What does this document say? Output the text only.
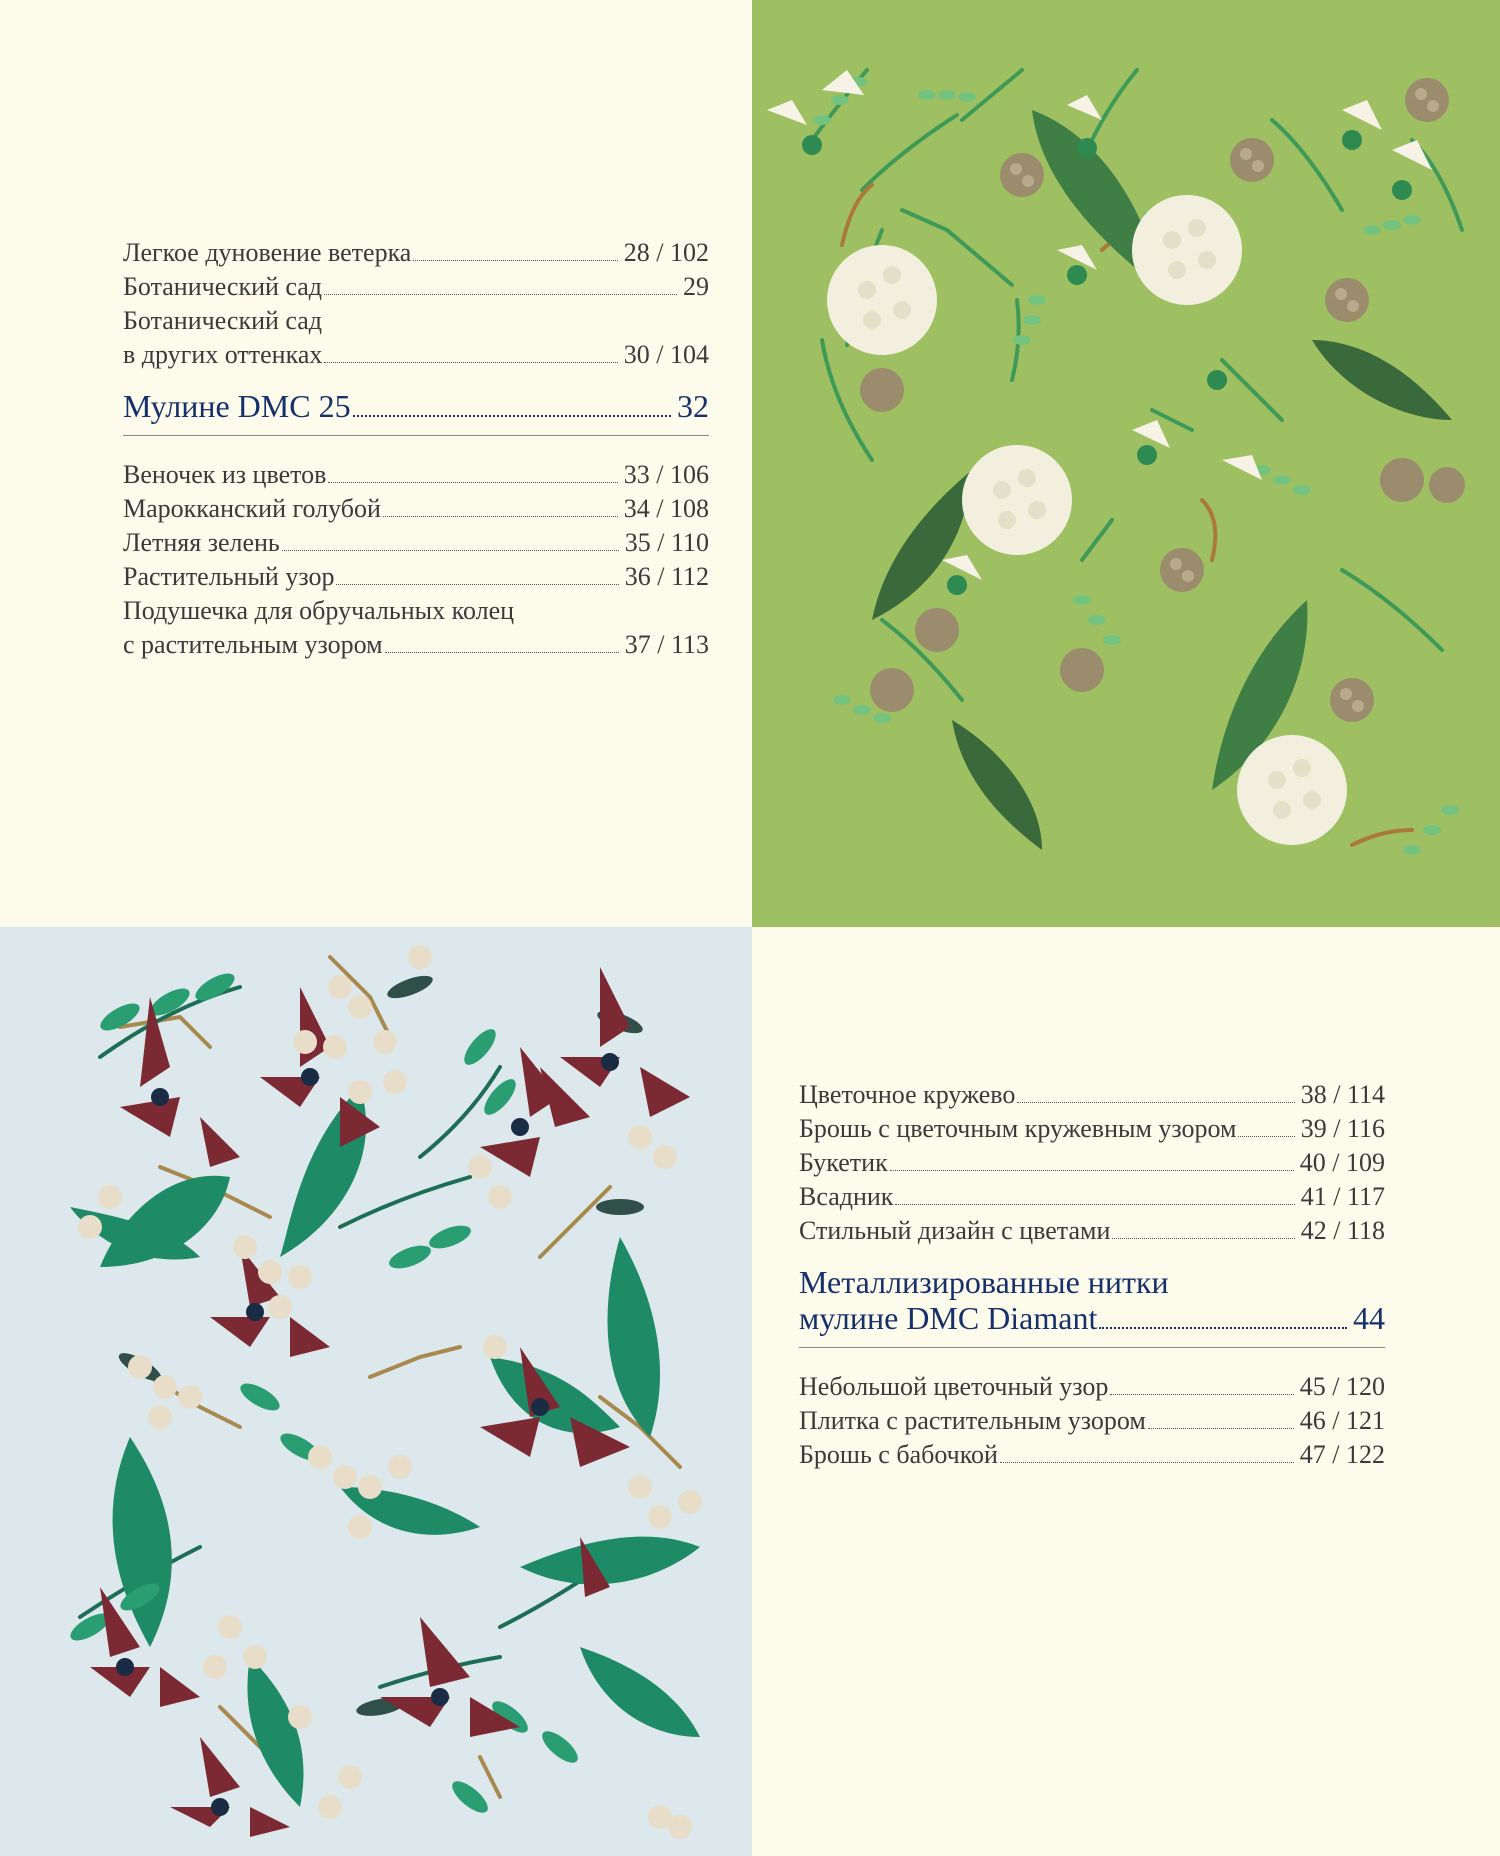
Легкое дуновение ветерка	28 / 102
Ботанический сад	29
Ботанический сад
в других оттенках	30 / 104
Мулине DMC 25	32
Веночек из цветов	33 / 106
Марокканский голубой	34 / 108
Летняя зелень	35 / 110
Растительный узор	36 / 112
Подушечка для обручальных колец
с растительным узором	37 / 113
Цветочное кружево	38 / 114
Брошь с цветочным кружевным узором 39 / 116
Букетик	40 / 109
Всадник	41 / 117
Стильный дизайн с цветами	42 / 118
Металлизированные нитки
мулине DMC Diamant	44
Небольшой цветочный узор	45 / 120
Плитка с растительным узором	46 / 121
Брошь с бабочкой	47 / 122
